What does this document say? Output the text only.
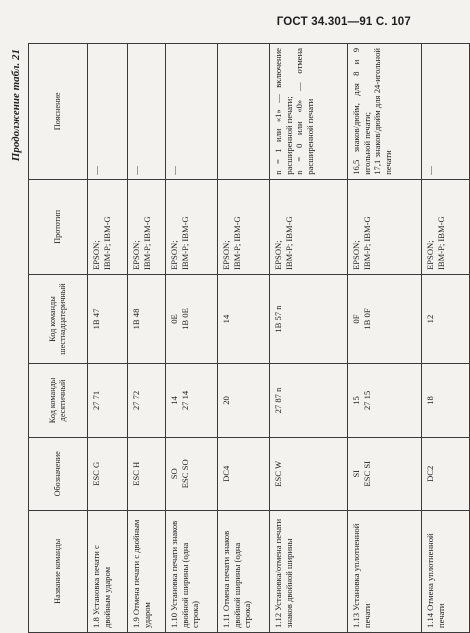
ГОСТ 34.301—91 С. 107
Продолжение табл. 21
Название команды	Обозначение	Код команды десятичный	Код команды шестнадцатеричный	Прототип	Пояснение
1.8 Установка печати с двойным ударом	ESC G	27 71	1B 47	EPSON;
IBM-P; IBM-G	—
1.9 Отмена печати с двойным ударом	ESC H	27 72	1B 48	EPSON;
IBM-P; IBM-G	—
1.10 Установка печати знаков двойной ширины (одна строка)	SO
ESC SO	14
27 14	0E
1B 0E	EPSON;
IBM-P; IBM-G	—
1.11 Отмена печати знаков двойной ширины (одна строка)	DC4	20	14	EPSON;
IBM-P; IBM-G	
1.12 Установка/отмена печати знаков двойной ширины	ESC W	27 87 n	1B 57 n	EPSON;
IBM-P; IBM-G	n = 1 или «1» — включение расширенной печати;
n = 0 или «0» — отмена расширенной печати
1.13 Установка уплотненной печати	SI
ESC SI	15
27 15	0F
1B 0F	EPSON;
IBM-P; IBM-G	16,5 знаков/дюйм, для 8 и 9 игольной печати;
17,1 знаков/дюйм для 24-игольной печати
1.14 Отмена уплотненной печати	DC2	18	12	EPSON;
IBM-P; IBM-G	—
